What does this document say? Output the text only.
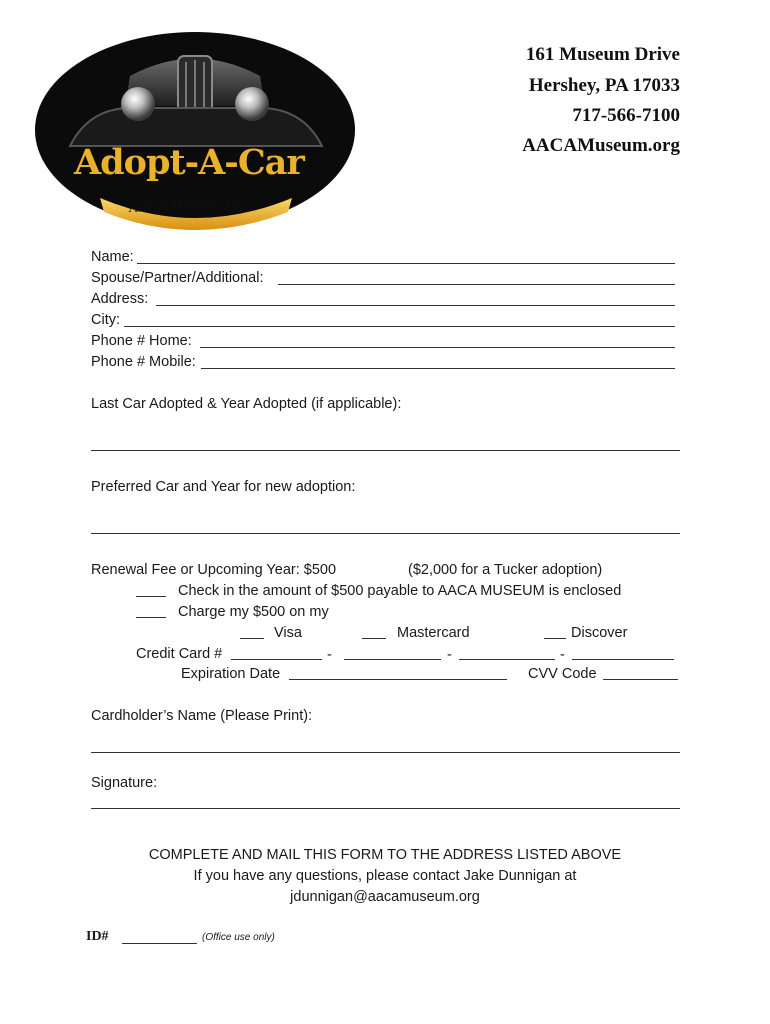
Adopt-A-Car
AACA Museum, Inc.
161 Museum Drive
Hershey, PA 17033
717-566-7100
AACAMuseum.org
Name:
Spouse/Partner/Additional:
Address:
City:
Phone # Home:
Phone # Mobile:
Last Car Adopted & Year Adopted (if applicable):
Preferred Car and Year for new adoption:
Renewal Fee or Upcoming Year: $500	($2,000 for a Tucker adoption)
Check in the amount of $500 payable to AACA MUSEUM is enclosed
Charge my $500 on my
Visa	Mastercard	Discover
Credit Card #	-	-	-
Expiration Date	CVV Code
Cardholder’s Name (Please Print):
Signature:
COMPLETE AND MAIL THIS FORM TO THE ADDRESS LISTED ABOVE
If you have any questions, please contact Jake Dunnigan at
jdunnigan@aacamuseum.org
ID#	(Office use only)
